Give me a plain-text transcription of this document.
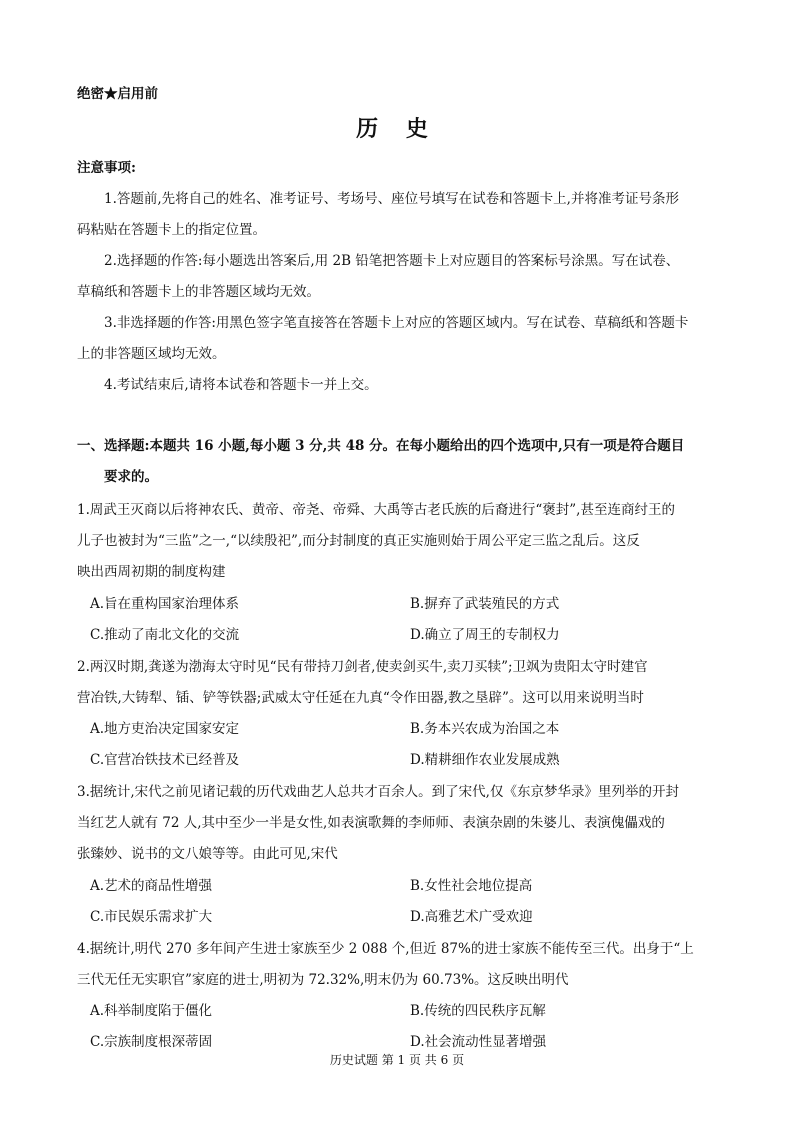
绝密★启用前
历 史
注意事项:
1.答题前,先将自己的姓名、准考证号、考场号、座位号填写在试卷和答题卡上,并将准考证号条形
码粘贴在答题卡上的指定位置。
2.选择题的作答:每小题选出答案后,用 2B 铅笔把答题卡上对应题目的答案标号涂黑。写在试卷、
草稿纸和答题卡上的非答题区域均无效。
3.非选择题的作答:用黑色签字笔直接答在答题卡上对应的答题区域内。写在试卷、草稿纸和答题卡
上的非答题区域均无效。
4.考试结束后,请将本试卷和答题卡一并上交。
一、选择题:本题共 16 小题,每小题 3 分,共 48 分。在每小题给出的四个选项中,只有一项是符合题目
要求的。
1.周武王灭商以后将神农氏、黄帝、帝尧、帝舜、大禹等古老氏族的后裔进行“褒封”,甚至连商纣王的
儿子也被封为“三监”之一,“以续殷祀”,而分封制度的真正实施则始于周公平定三监之乱后。这反
映出西周初期的制度构建
A.旨在重构国家治理体系	B.摒弃了武装殖民的方式
C.推动了南北文化的交流	D.确立了周王的专制权力
2.两汉时期,龚遂为渤海太守时见“民有带持刀剑者,使卖剑买牛,卖刀买犊”;卫飒为贵阳太守时建官
营冶铁,大铸犁、锸、铲等铁器;武威太守任延在九真“令作田器,教之垦辟”。这可以用来说明当时
A.地方吏治决定国家安定	B.务本兴农成为治国之本
C.官营冶铁技术已经普及	D.精耕细作农业发展成熟
3.据统计,宋代之前见诸记载的历代戏曲艺人总共才百余人。到了宋代,仅《东京梦华录》里列举的开封
当红艺人就有 72 人,其中至少一半是女性,如表演歌舞的李师师、表演杂剧的朱婆儿、表演傀儡戏的
张臻妙、说书的文八娘等等。由此可见,宋代
A.艺术的商品性增强	B.女性社会地位提高
C.市民娱乐需求扩大	D.高雅艺术广受欢迎
4.据统计,明代 270 多年间产生进士家族至少 2 088 个,但近 87%的进士家族不能传至三代。出身于“上
三代无任无实职官”家庭的进士,明初为 72.32%,明末仍为 60.73%。这反映出明代
A.科举制度陷于僵化	B.传统的四民秩序瓦解
C.宗族制度根深蒂固	D.社会流动性显著增强
历史试题 第 1 页 共 6 页
